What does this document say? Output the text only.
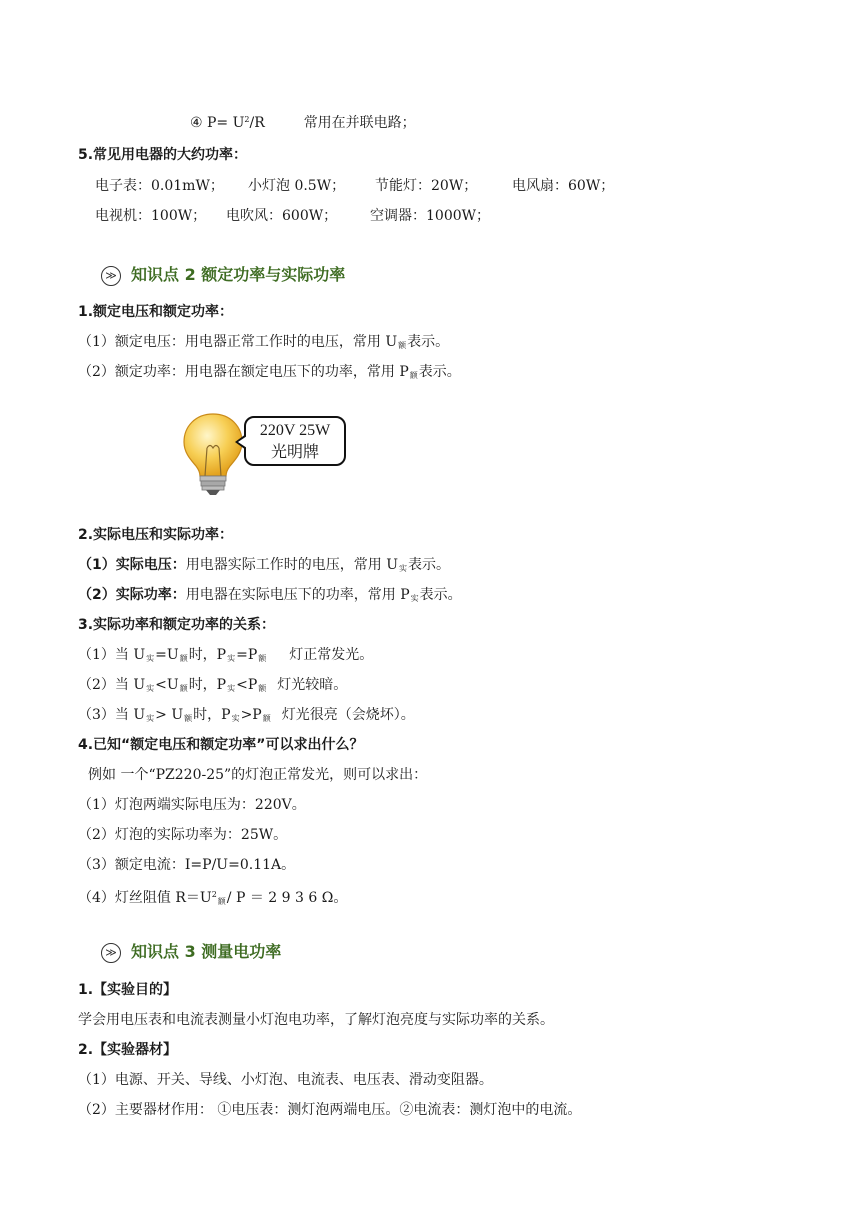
④ $P= U^2/R$	常用在并联电路；
5.常见用电器的大约功率：
电子表：0.01mW； 小灯泡 0.5W； 节能灯：20W； 电风扇：60W；
电视机：100W； 电吹风：600W； 空调器：1000W；
≫ 知识点 2 额定功率与实际功率
1.额定电压和额定功率：
（1）额定电压：用电器正常工作时的电压，常用 $U_额$表示。
（2）额定功率：用电器在额定电压下的功率，常用 $P_额$表示。
220V 25W
光明牌
2.实际电压和实际功率：
（1）实际电压：用电器实际工作时的电压，常用 $U_实$表示。
（2）实际功率：用电器在实际电压下的功率，常用 $P_实$表示。
3.实际功率和额定功率的关系：
（1）当 $U_实=U_额$时，$P_实=P_额$ 灯正常发光。
（2）当 $U_实<U_额$时，$P_实<P_额$ 灯光较暗。
（3）当 $U_实> U_额$时，$P_实>P_额$ 灯光很亮（会烧坏）。
4.已知“额定电压和额定功率”可以求出什么？
例如 一个“PZ220-25”的灯泡正常发光，则可以求出：
（1）灯泡两端实际电压为：220V。
（2）灯泡的实际功率为：25W。
（3）额定电流：I=P/U=0.11A。
（4）灯丝阻值 $R=U^2_额/$ P ＝ 2 9 3 6 Ω。
≫ 知识点 3 测量电功率
1.【实验目的】
学会用电压表和电流表测量小灯泡电功率，了解灯泡亮度与实际功率的关系。
2.【实验器材】
（1）电源、开关、导线、小灯泡、电流表、电压表、滑动变阻器。
（2）主要器材作用： ①电压表：测灯泡两端电压。②电流表：测灯泡中的电流。
